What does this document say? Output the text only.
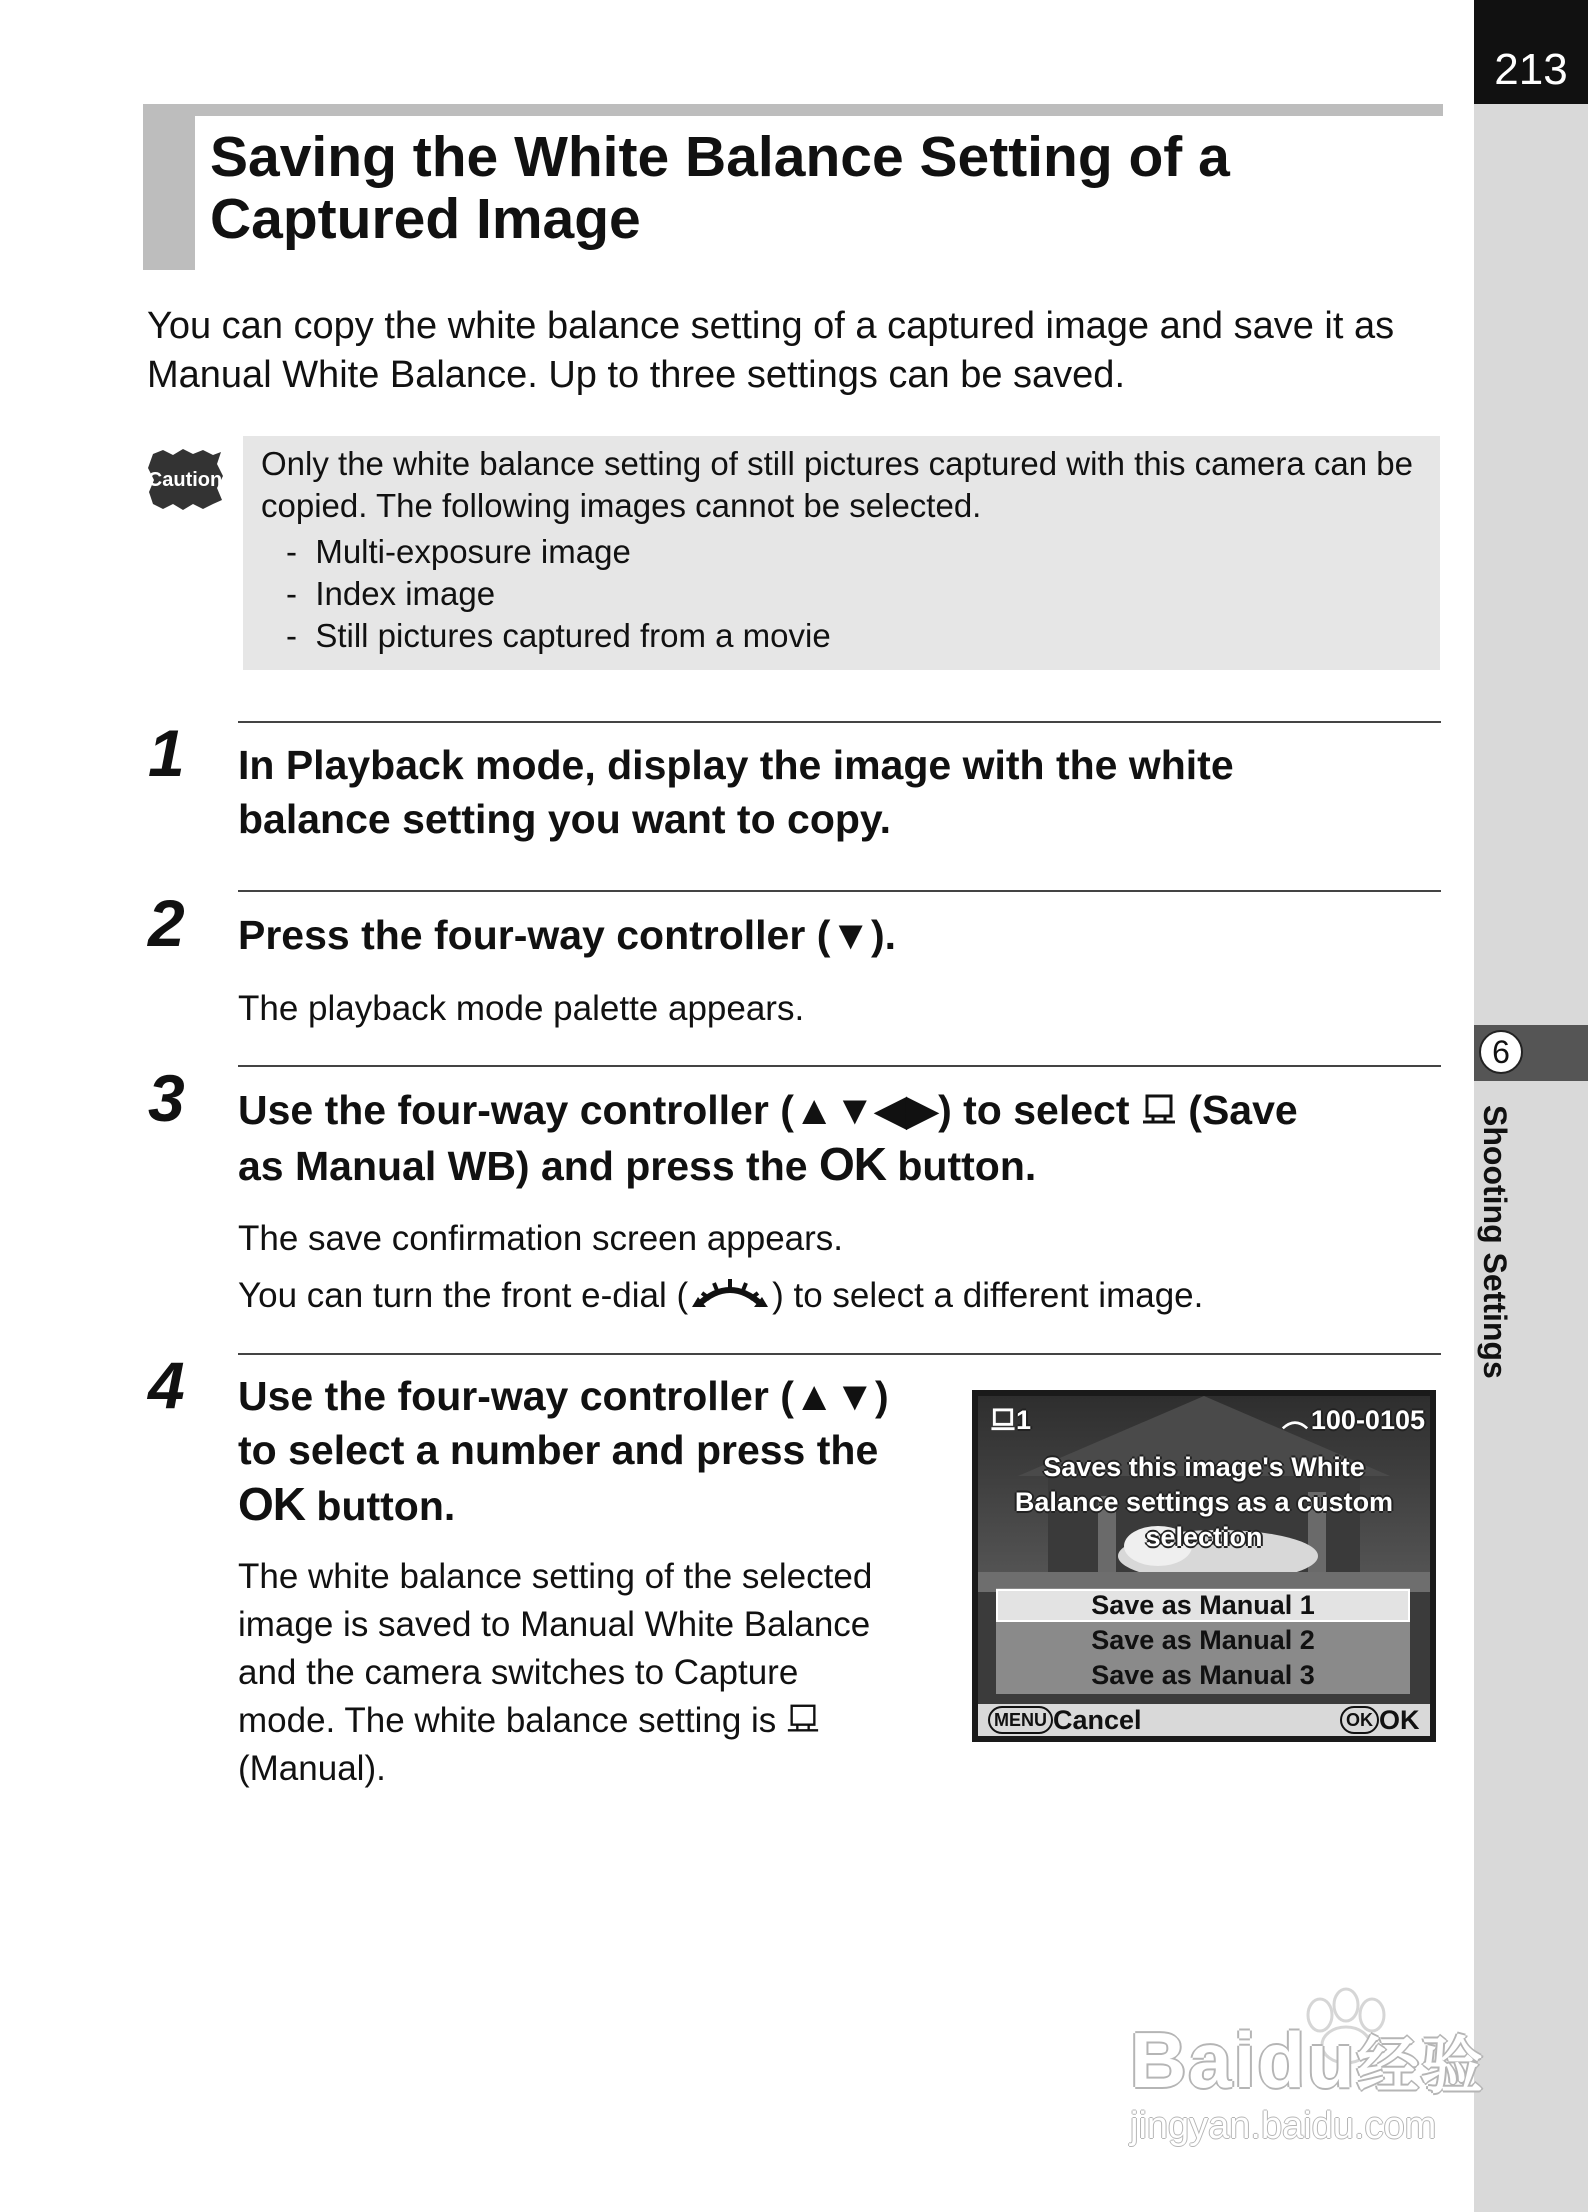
213
6
Shooting Settings
Saving the White Balance Setting of a
Captured Image
You can copy the white balance setting of a captured image and save it as
Manual White Balance. Up to three settings can be saved.
Caution Only the white balance setting of still pictures captured with this camera can be
copied. The following images cannot be selected.
-  Multi-exposure image
-  Index image
-  Still pictures captured from a movie
1	In Playback mode, display the image with the white
balance setting you want to copy.
2	Press the four-way controller (▼).
The playback mode palette appears.
3	Use the four-way controller (▲▼◀▶) to select (Save
as Manual WB) and press the OK button.
The save confirmation screen appears.
You can turn the front e-dial ( ) to select a different image.
4	Use the four-way controller (▲▼)
to select a number and press the
OK button.
The white balance setting of the selected
image is saved to Manual White Balance
and the camera switches to Capture
mode. The white balance setting is
(Manual).
1	100-0105
Saves this image's White
Balance settings as a custom
selection
Save as Manual 1
Save as Manual 2
Save as Manual 3
MENU Cancel	OK OK
Baidu经验
jingyan.baidu.com
